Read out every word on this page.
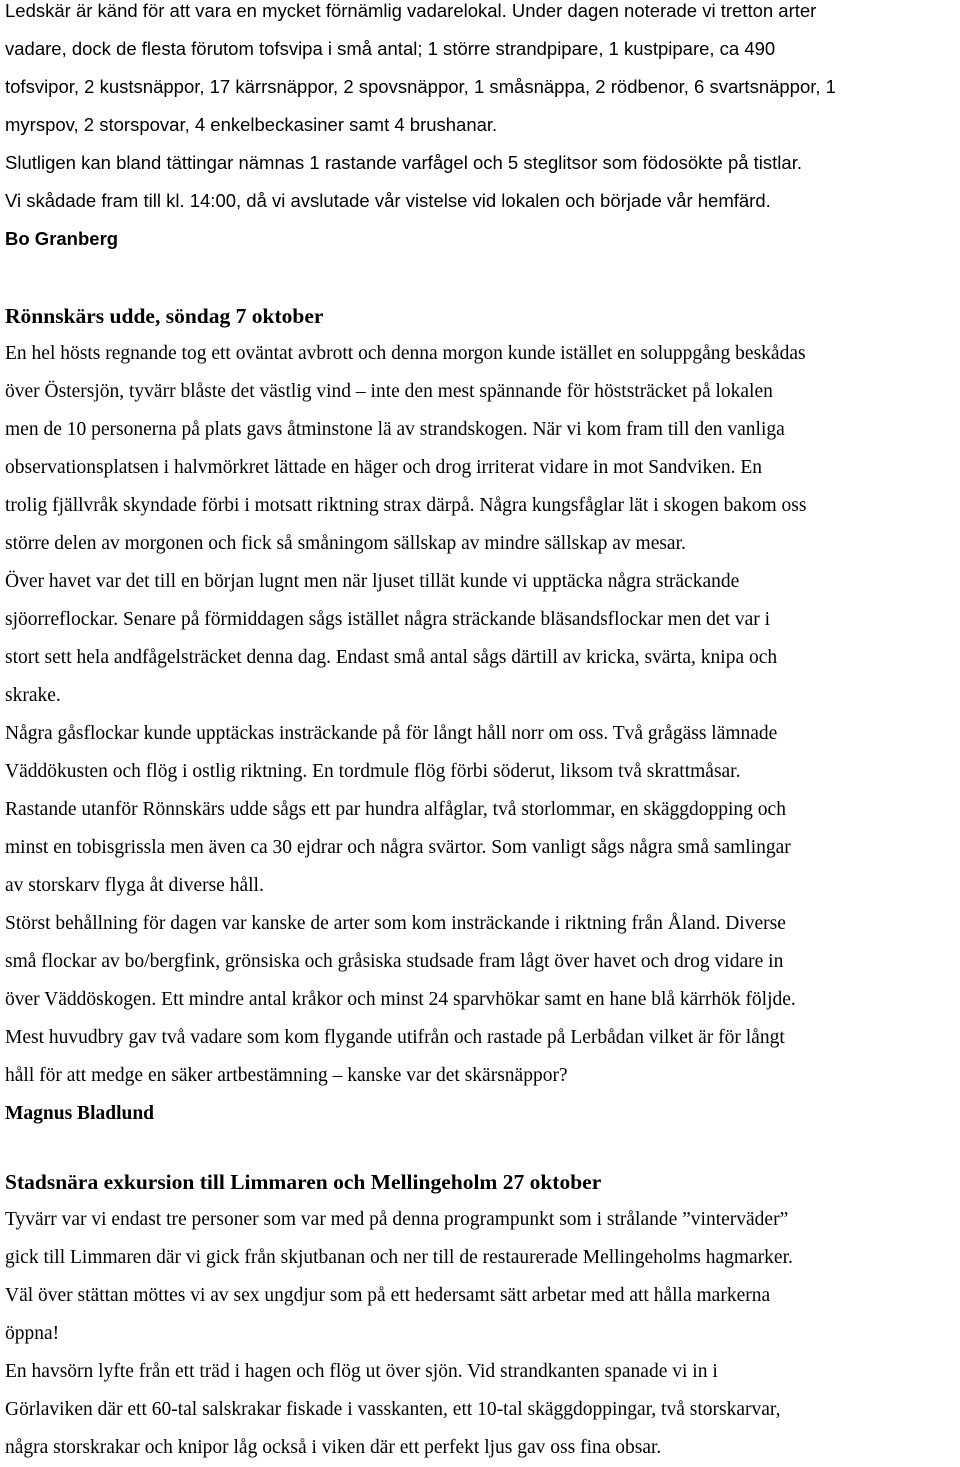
Ledskär är känd för att vara en mycket förnämlig vadarelokal. Under dagen noterade vi tretton arter
vadare, dock de flesta förutom tofsvipa i små antal; 1 större strandpipare, 1 kustpipare, ca 490
tofsvipor, 2 kustsnäppor, 17 kärrsnäppor, 2 spovsnäppor, 1 småsnäppa, 2 rödbenor, 6 svartsnäppor, 1
myrspov, 2 storspovar, 4 enkelbeckasiner samt 4 brushanar.
Slutligen kan bland tättingar nämnas 1 rastande varfågel och 5 steglitsor som födosökte på tistlar.
Vi skådade fram till kl. 14:00, då vi avslutade vår vistelse vid lokalen och började vår hemfärd.
Bo Granberg
Rönnskärs udde, söndag 7 oktober
En hel hösts regnande tog ett oväntat avbrott och denna morgon kunde istället en soluppgång beskådas
över Östersjön, tyvärr blåste det västlig vind – inte den mest spännande för höststräcket på lokalen
men de 10 personerna på plats gavs åtminstone lä av strandskogen. När vi kom fram till den vanliga
observationsplatsen i halvmörkret lättade en häger och drog irriterat vidare in mot Sandviken. En
trolig fjällvråk skyndade förbi i motsatt riktning strax därpå. Några kungsfåglar lät i skogen bakom oss
större delen av morgonen och fick så småningom sällskap av mindre sällskap av mesar.
Över havet var det till en början lugnt men när ljuset tillät kunde vi upptäcka några sträckande
sjöorreflockar. Senare på förmiddagen sågs istället några sträckande bläsandsflockar men det var i
stort sett hela andfågelsträcket denna dag. Endast små antal sågs därtill av kricka, svärta, knipa och
skrake.
Några gåsflockar kunde upptäckas insträckande på för långt håll norr om oss. Två grågäss lämnade
Väddökusten och flög i ostlig riktning. En tordmule flög förbi söderut, liksom två skrattmåsar.
Rastande utanför Rönnskärs udde sågs ett par hundra alfåglar, två storlommar, en skäggdopping och
minst en tobisgrissla men även ca 30 ejdrar och några svärtor. Som vanligt sågs några små samlingar
av storskarv flyga åt diverse håll.
Störst behållning för dagen var kanske de arter som kom insträckande i riktning från Åland. Diverse
små flockar av bo/bergfink, grönsiska och gråsiska studsade fram lågt över havet och drog vidare in
över Väddöskogen. Ett mindre antal kråkor och minst 24 sparvhökar samt en hane blå kärrhök följde.
Mest huvudbry gav två vadare som kom flygande utifrån och rastade på Lerbådan vilket är för långt
håll för att medge en säker artbestämning – kanske var det skärsnäppor?
Magnus Bladlund
Stadsnära exkursion till Limmaren och Mellingeholm 27 oktober
Tyvärr var vi endast tre personer som var med på denna programpunkt som i strålande ”vinterväder”
gick till Limmaren där vi gick från skjutbanan och ner till de restaurerade Mellingeholms hagmarker.
Väl över stättan möttes vi av sex ungdjur som på ett hedersamt sätt arbetar med att hålla markerna
öppna!
En havsörn lyfte från ett träd i hagen och flög ut över sjön. Vid strandkanten spanade vi in i
Görlaviken där ett 60-tal salskrakar fiskade i vasskanten, ett 10-tal skäggdoppingar, två storskarvar,
några storskrakar och knipor låg också i viken där ett perfekt ljus gav oss fina obsar.
